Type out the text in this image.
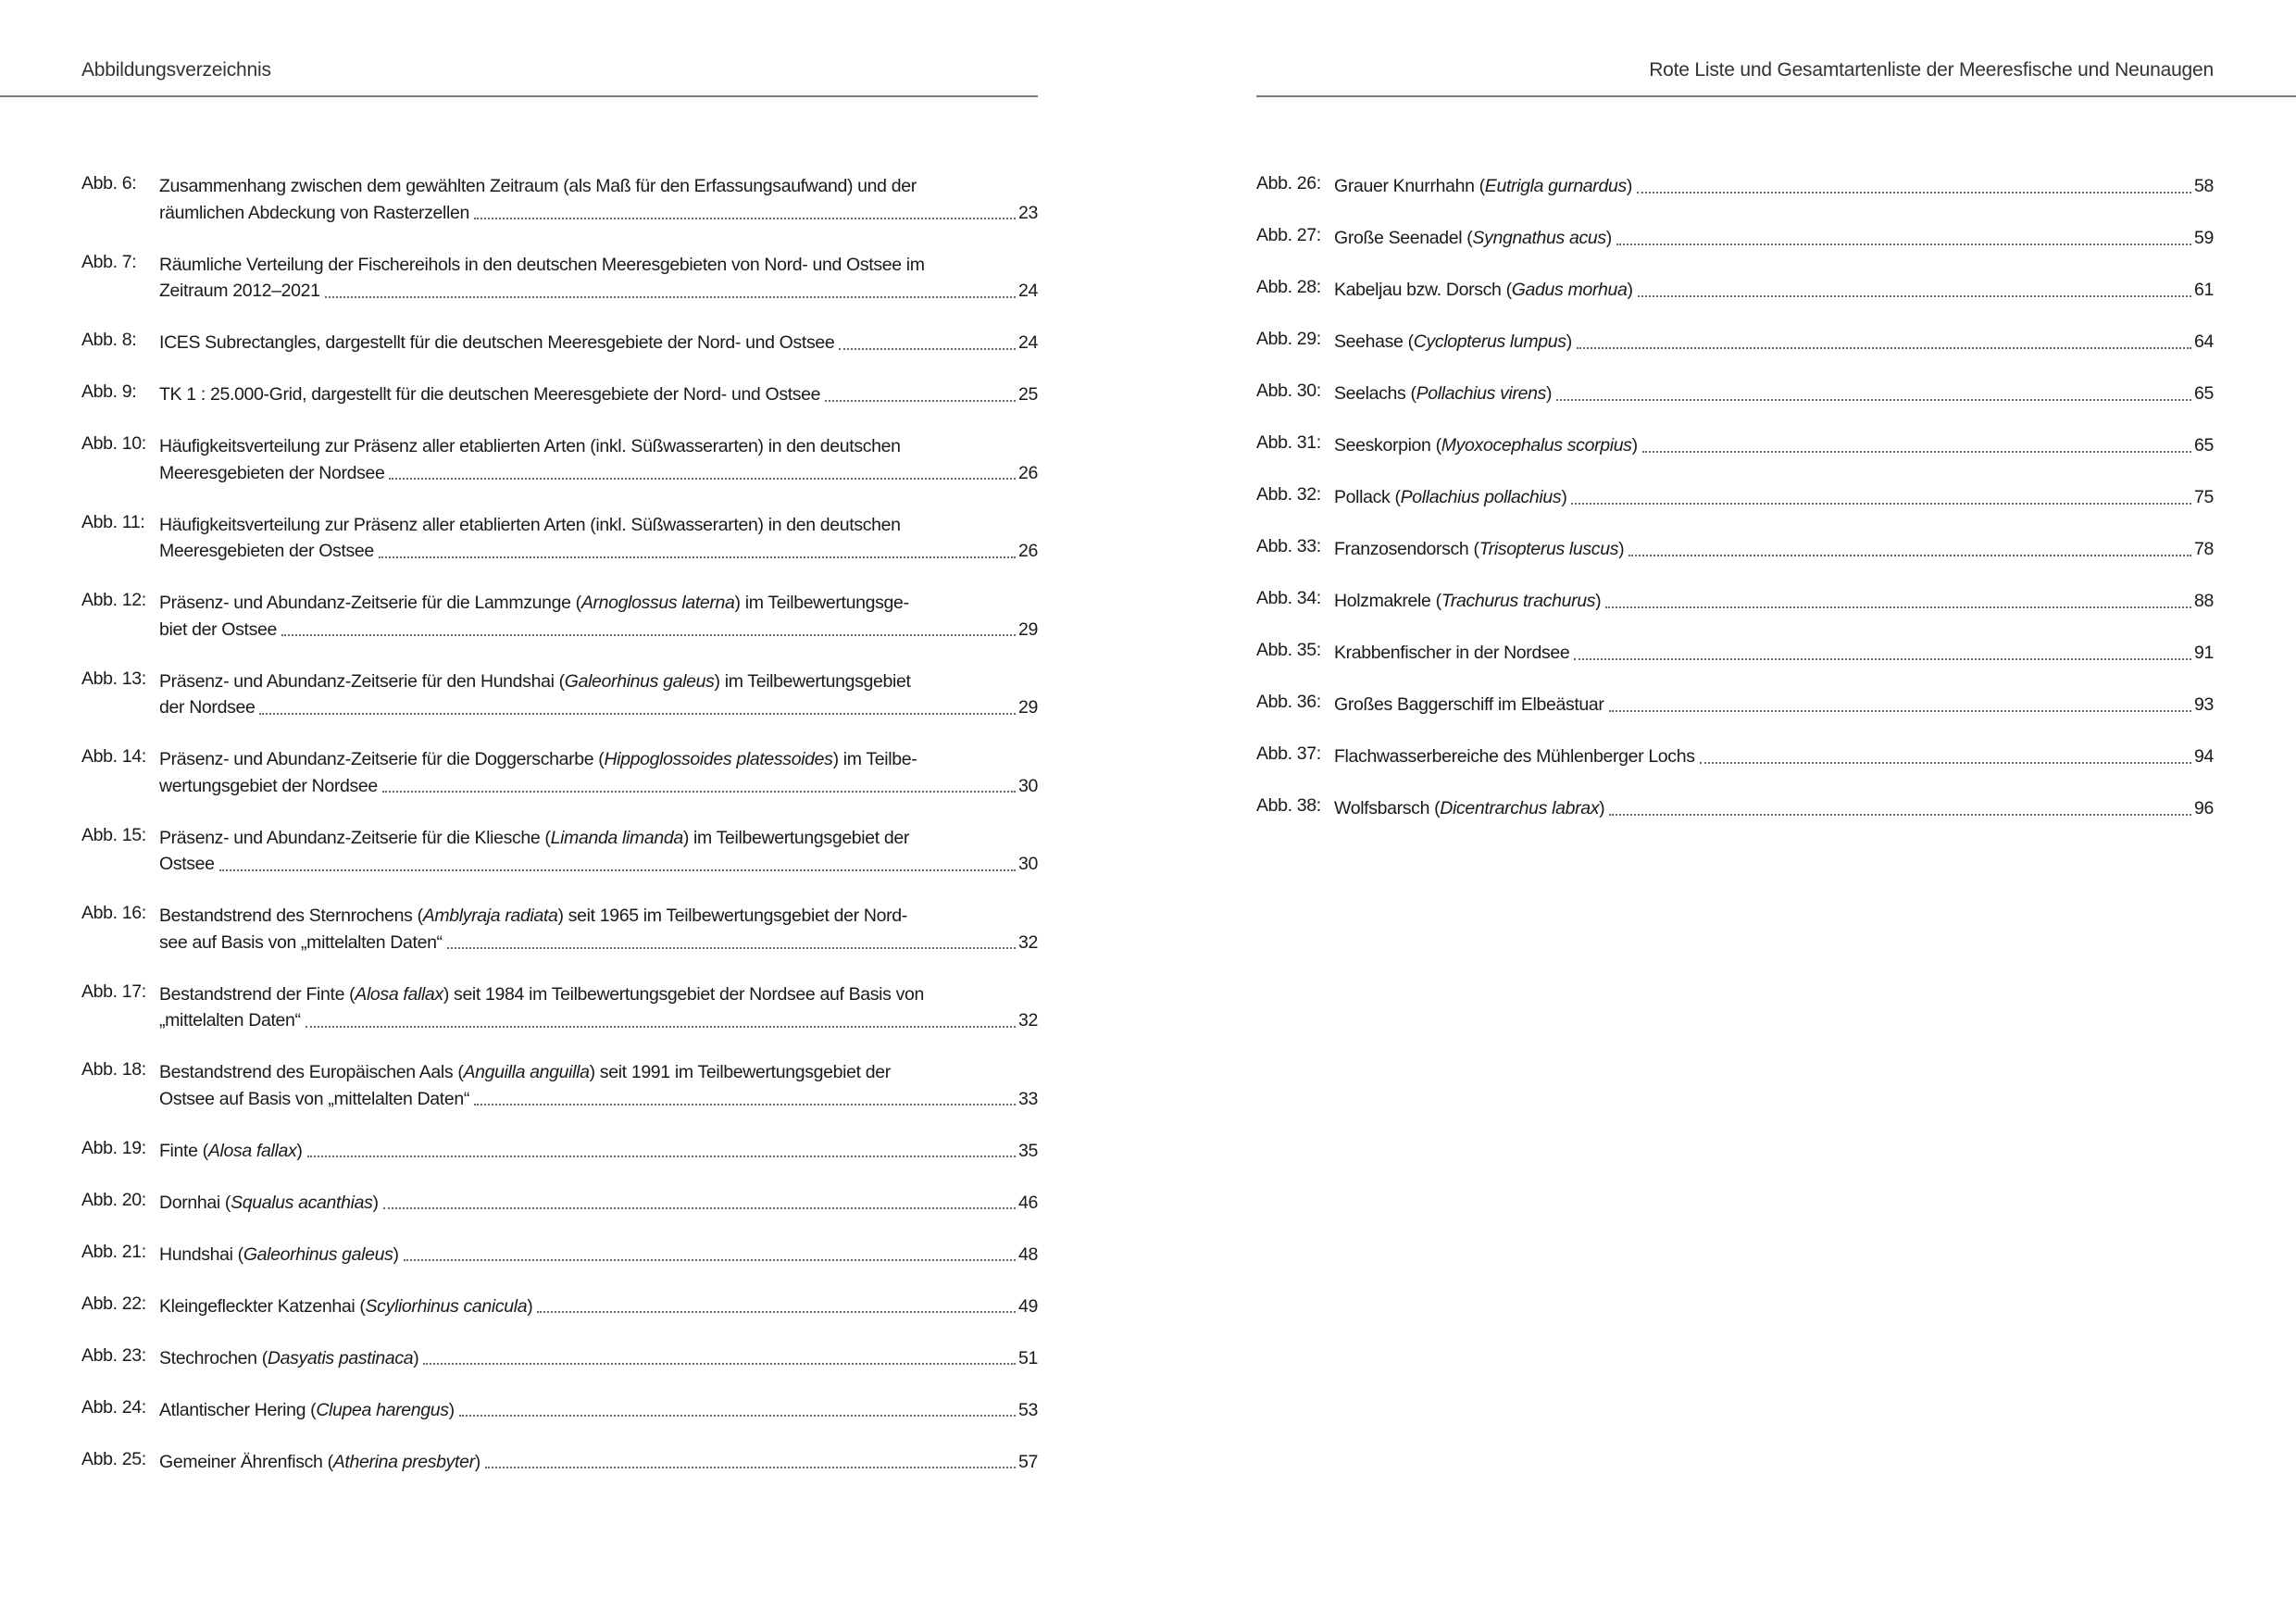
Abbildungsverzeichnis	Rote Liste und Gesamtartenliste der Meeresfische und Neunaugen
Abb. 6:	Zusammenhang zwischen dem gewählten Zeitraum (als Maß für den Erfassungsaufwand) und der
räumlichen Abdeckung von Rasterzellen	23
Abb. 7:	Räumliche Verteilung der Fischereihols in den deutschen Meeresgebieten von Nord- und Ostsee im
Zeitraum 2012–2021	24
Abb. 8:	ICES Subrectangles, dargestellt für die deutschen Meeresgebiete der Nord- und Ostsee	24
Abb. 9:	TK 1 : 25.000-Grid, dargestellt für die deutschen Meeresgebiete der Nord- und Ostsee	25
Abb. 10: Häufigkeitsverteilung zur Präsenz aller etablierten Arten (inkl. Süßwasserarten) in den deutschen
Meeresgebieten der Nordsee	26
Abb. 11: Häufigkeitsverteilung zur Präsenz aller etablierten Arten (inkl. Süßwasserarten) in den deutschen
Meeresgebieten der Ostsee	26
Abb. 12: Präsenz- und Abundanz-Zeitserie für die Lammzunge (Arnoglossus laterna) im Teilbewertungsge-
biet der Ostsee	29
Abb. 13: Präsenz- und Abundanz-Zeitserie für den Hundshai (Galeorhinus galeus) im Teilbewertungsgebiet
der Nordsee	29
Abb. 14: Präsenz- und Abundanz-Zeitserie für die Doggerscharbe (Hippoglossoides platessoides) im Teilbe-
wertungsgebiet der Nordsee	30
Abb. 15: Präsenz- und Abundanz-Zeitserie für die Kliesche (Limanda limanda) im Teilbewertungsgebiet der
Ostsee	30
Abb. 16: Bestandstrend des Sternrochens (Amblyraja radiata) seit 1965 im Teilbewertungsgebiet der Nord-
see auf Basis von „mittelalten Daten“	32
Abb. 17: Bestandstrend der Finte (Alosa fallax) seit 1984 im Teilbewertungsgebiet der Nordsee auf Basis von
„mittelalten Daten“	32
Abb. 18: Bestandstrend des Europäischen Aals (Anguilla anguilla) seit 1991 im Teilbewertungsgebiet der
Ostsee auf Basis von „mittelalten Daten“	33
Abb. 19: Finte (Alosa fallax)	35
Abb. 20: Dornhai (Squalus acanthias)	46
Abb. 21: Hundshai (Galeorhinus galeus)	48
Abb. 22: Kleingefleckter Katzenhai (Scyliorhinus canicula)	49
Abb. 23: Stechrochen (Dasyatis pastinaca)	51
Abb. 24: Atlantischer Hering (Clupea harengus)	53
Abb. 25: Gemeiner Ährenfisch (Atherina presbyter)	57
Abb. 26: Grauer Knurrhahn (Eutrigla gurnardus)	58
Abb. 27: Große Seenadel (Syngnathus acus)	59
Abb. 28: Kabeljau bzw. Dorsch (Gadus morhua)	61
Abb. 29: Seehase (Cyclopterus lumpus)	64
Abb. 30: Seelachs (Pollachius virens)	65
Abb. 31: Seeskorpion (Myoxocephalus scorpius)	65
Abb. 32: Pollack (Pollachius pollachius)	75
Abb. 33: Franzosendorsch (Trisopterus luscus)	78
Abb. 34: Holzmakrele (Trachurus trachurus)	88
Abb. 35: Krabbenfischer in der Nordsee	91
Abb. 36: Großes Baggerschiff im Elbeästuar	93
Abb. 37: Flachwasserbereiche des Mühlenberger Lochs	94
Abb. 38: Wolfsbarsch (Dicentrarchus labrax)	96
